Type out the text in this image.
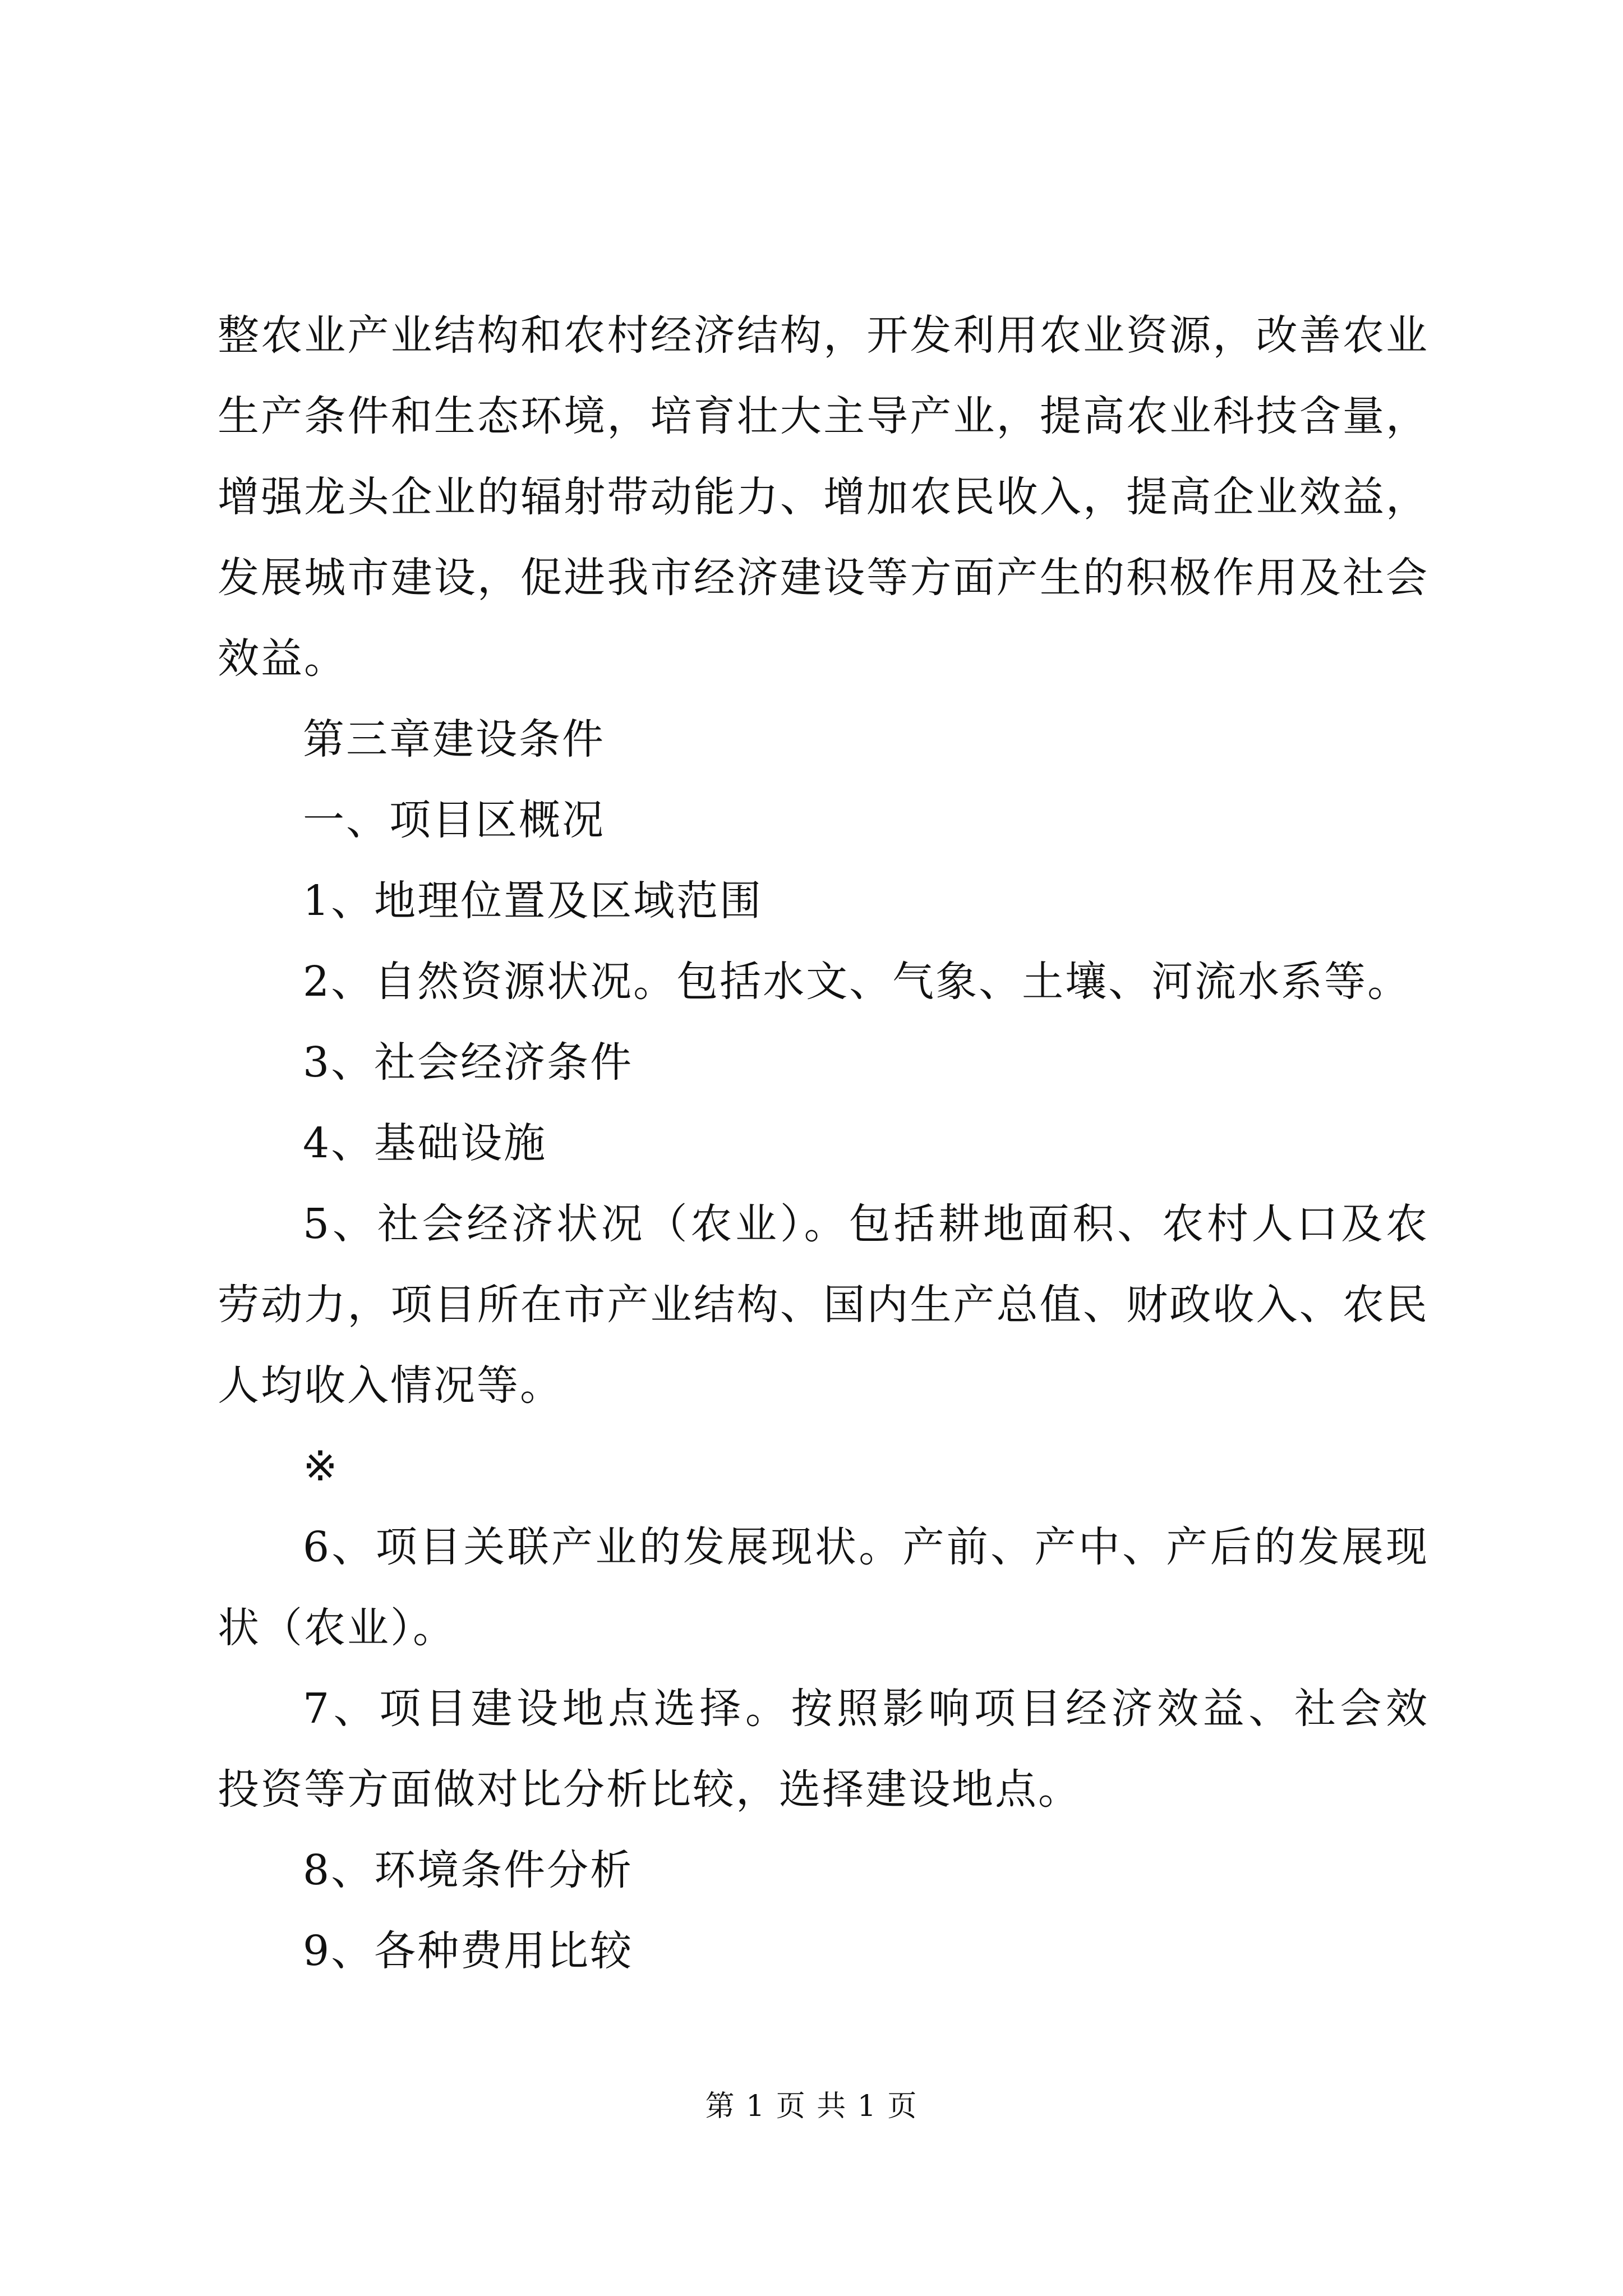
整农业产业结构和农村经济结构，开发利用农业资源，改善农业
生产条件和生态环境，培育壮大主导产业，提高农业科技含量，
增强龙头企业的辐射带动能力、增加农民收入，提高企业效益，
发展城市建设，促进我市经济建设等方面产生的积极作用及社会
效益。
第三章建设条件
一、项目区概况
1、地理位置及区域范围
2、自然资源状况。包括水文、气象、土壤、河流水系等。
3、社会经济条件
4、基础设施
5、社会经济状况（农业）。包括耕地面积、农村人口及农
劳动力，项目所在市产业结构、国内生产总值、财政收入、农民
人均收入情况等。
※
6、项目关联产业的发展现状。产前、产中、产后的发展现
状（农业）。
7、项目建设地点选择。按照影响项目经济效益、社会效
投资等方面做对比分析比较，选择建设地点。
8、环境条件分析
9、各种费用比较
第 1 页 共 1 页
